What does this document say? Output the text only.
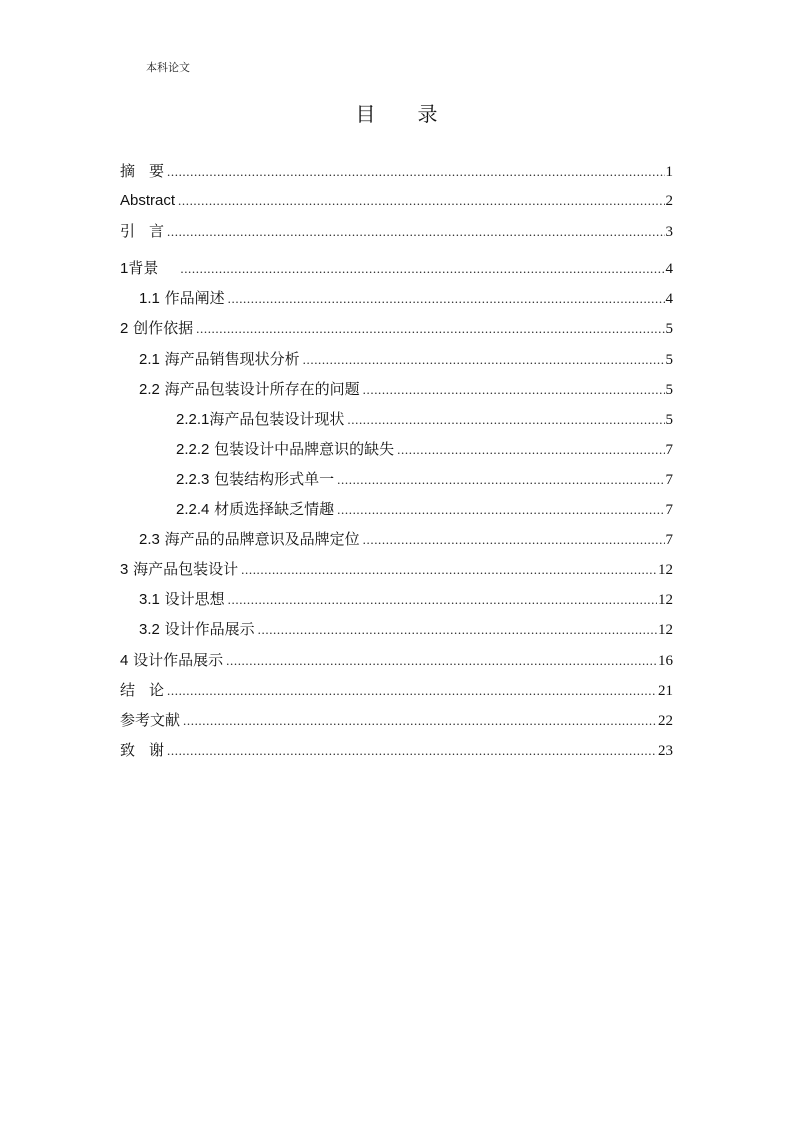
本科论文
目 录
摘要 .....	1
Abstract .....	2
引言 .....	3
1背景 .....	4
1.1 作品阐述 .....	4
2 创作依据 .....	5
2.1 海产品销售现状分析 .....	5
2.2 海产品包装设计所存在的问题 .....	5
2.2.1海产品包装设计现状 .....	5
2.2.2 包装设计中品牌意识的缺失 .....	7
2.2.3 包装结构形式单一 .....	7
2.2.4 材质选择缺乏情趣 .....	7
2.3 海产品的品牌意识及品牌定位 .....	7
3 海产品包装设计 .....	12
3.1 设计思想 .....	12
3.2 设计作品展示 .....	12
4 设计作品展示 .....	16
结论 .....	21
参考文献 .....	22
致谢 .....	23
